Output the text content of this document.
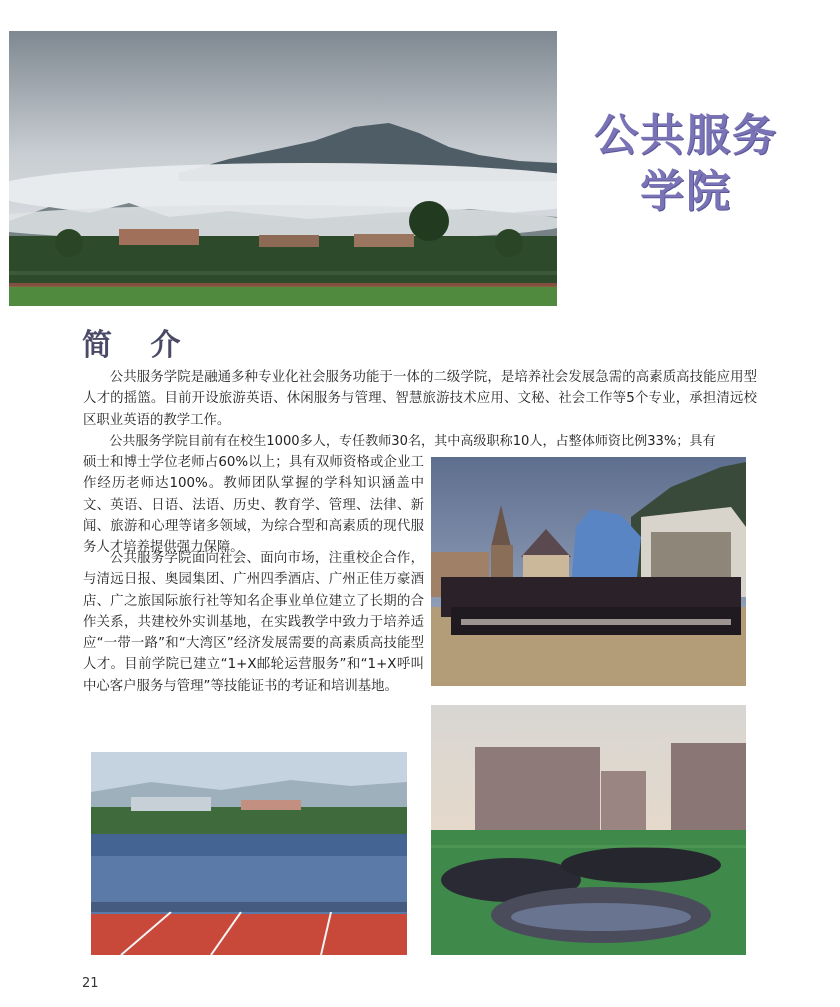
公共服务
学院
简 介
公共服务学院是融通多种专业化社会服务功能于一体的二级学院，是培养社会发展急需的高素质高技能应用型人才的摇篮。目前开设旅游英语、休闲服务与管理、智慧旅游技术应用、文秘、社会工作等5个专业，承担清远校区职业英语的教学工作。
公共服务学院目前有在校生1000多人，专任教师30名，其中高级职称10人，占整体师资比例33%；具有
硕士和博士学位老师占60%以上；具有双师资格或企业工作经历老师达100%。教师团队掌握的学科知识涵盖中文、英语、日语、法语、历史、教育学、管理、法律、新闻、旅游和心理等诸多领域，为综合型和高素质的现代服务人才培养提供强力保障。
公共服务学院面向社会、面向市场，注重校企合作，与清远日报、奥园集团、广州四季酒店、广州正佳万豪酒店、广之旅国际旅行社等知名企事业单位建立了长期的合作关系，共建校外实训基地，在实践教学中致力于培养适应“一带一路”和“大湾区”经济发展需要的高素质高技能型人才。目前学院已建立“1+X邮轮运营服务”和“1+X呼叫中心客户服务与管理”等技能证书的考证和培训基地。
21
